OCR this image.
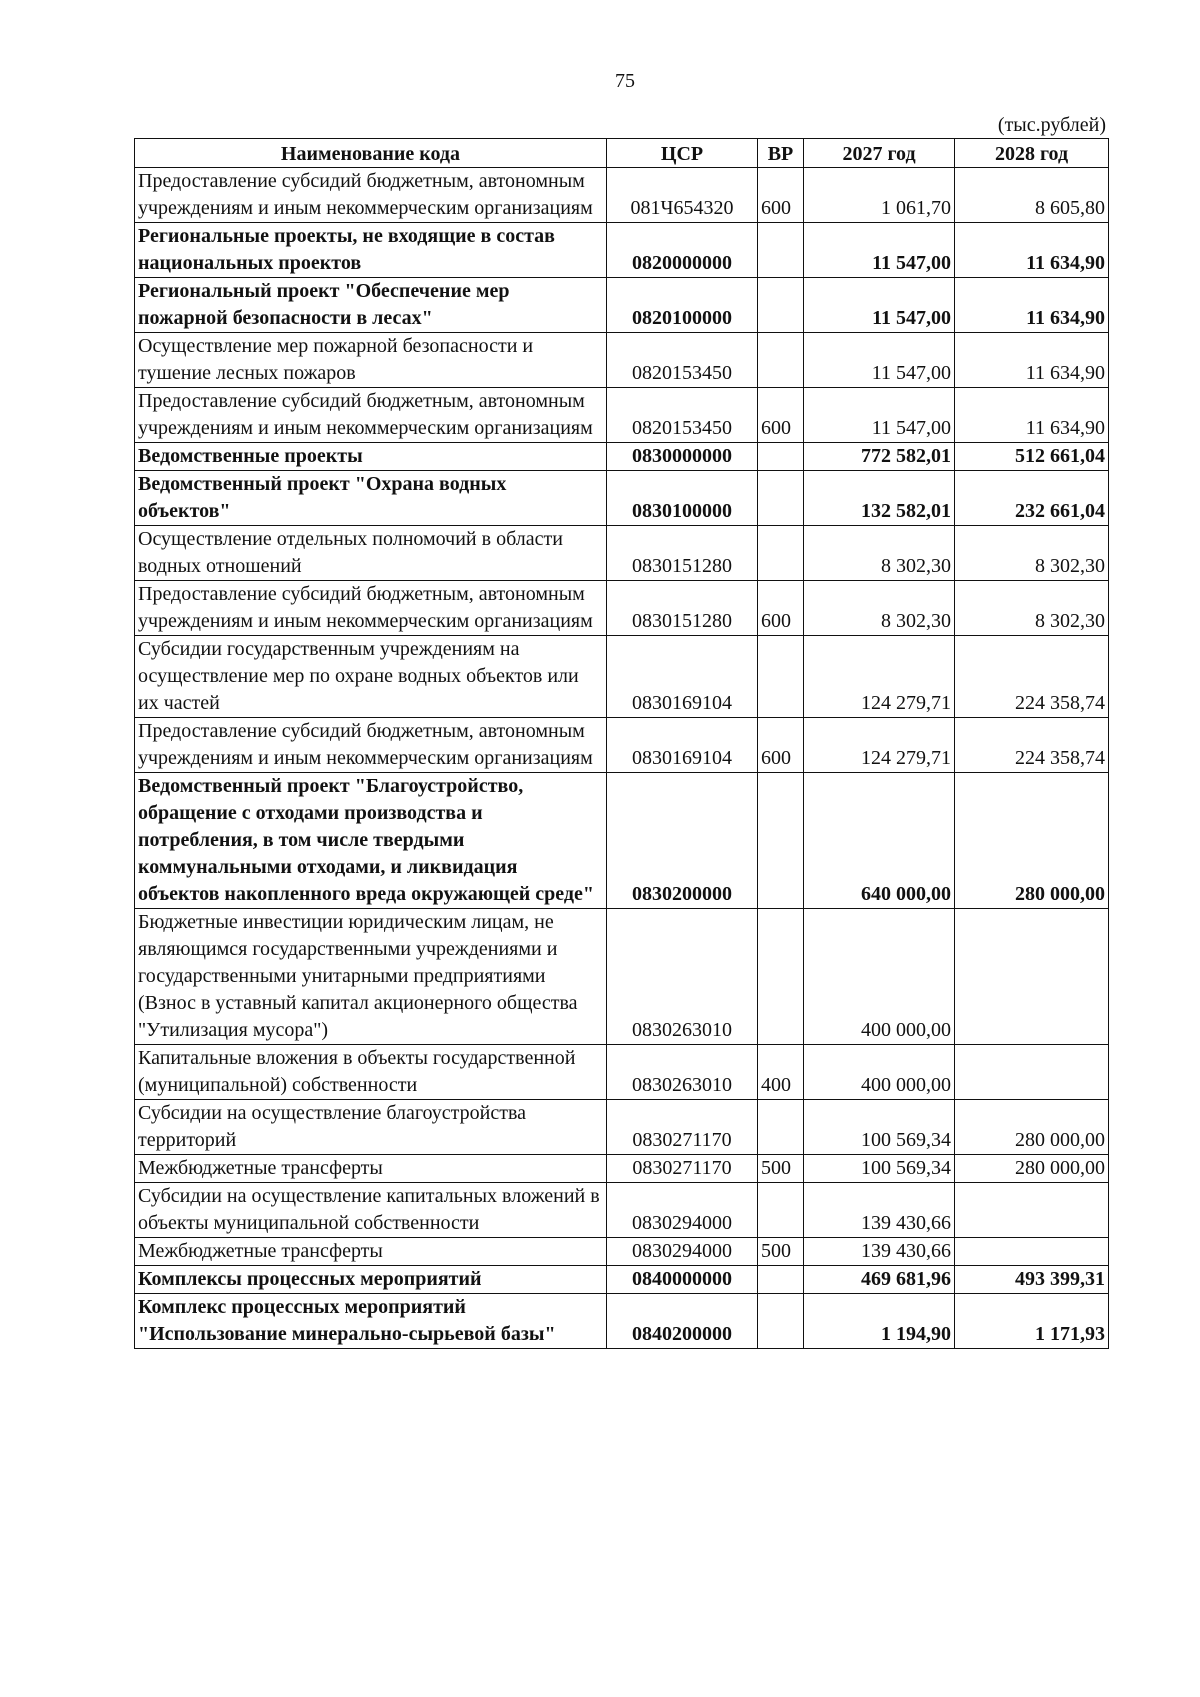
75
(тыс.рублей)
Наименование кода	ЦСР	ВР	2027 год	2028 год
Предоставление субсидий бюджетным, автономным учреждениям и иным некоммерческим организациям	081Ч654320	600	1 061,70	8 605,80
Региональные проекты, не входящие в состав национальных проектов	0820000000		11 547,00	11 634,90
Региональный проект "Обеспечение мер пожарной безопасности в лесах"	0820100000		11 547,00	11 634,90
Осуществление мер пожарной безопасности и тушение лесных пожаров	0820153450		11 547,00	11 634,90
Предоставление субсидий бюджетным, автономным учреждениям и иным некоммерческим организациям	0820153450	600	11 547,00	11 634,90
Ведомственные проекты	0830000000		772 582,01	512 661,04
Ведомственный проект "Охрана водных объектов"	0830100000		132 582,01	232 661,04
Осуществление отдельных полномочий в области водных отношений	0830151280		8 302,30	8 302,30
Предоставление субсидий бюджетным, автономным учреждениям и иным некоммерческим организациям	0830151280	600	8 302,30	8 302,30
Субсидии государственным учреждениям на осуществление мер по охране водных объектов или их частей	0830169104		124 279,71	224 358,74
Предоставление субсидий бюджетным, автономным учреждениям и иным некоммерческим организациям	0830169104	600	124 279,71	224 358,74
Ведомственный проект "Благоустройство, обращение с отходами производства и потребления, в том числе твердыми коммунальными отходами, и ликвидация объектов накопленного вреда окружающей среде"	0830200000		640 000,00	280 000,00
Бюджетные инвестиции юридическим лицам, не являющимся государственными учреждениями и государственными унитарными предприятиями (Взнос в уставный капитал акционерного общества "Утилизация мусора")	0830263010		400 000,00	
Капитальные вложения в объекты государственной (муниципальной) собственности	0830263010	400	400 000,00	
Субсидии на осуществление благоустройства территорий	0830271170		100 569,34	280 000,00
Межбюджетные трансферты	0830271170	500	100 569,34	280 000,00
Субсидии на осуществление капитальных вложений в объекты муниципальной собственности	0830294000		139 430,66	
Межбюджетные трансферты	0830294000	500	139 430,66	
Комплексы процессных мероприятий	0840000000		469 681,96	493 399,31
Комплекс процессных мероприятий "Использование минерально-сырьевой базы"	0840200000		1 194,90	1 171,93
